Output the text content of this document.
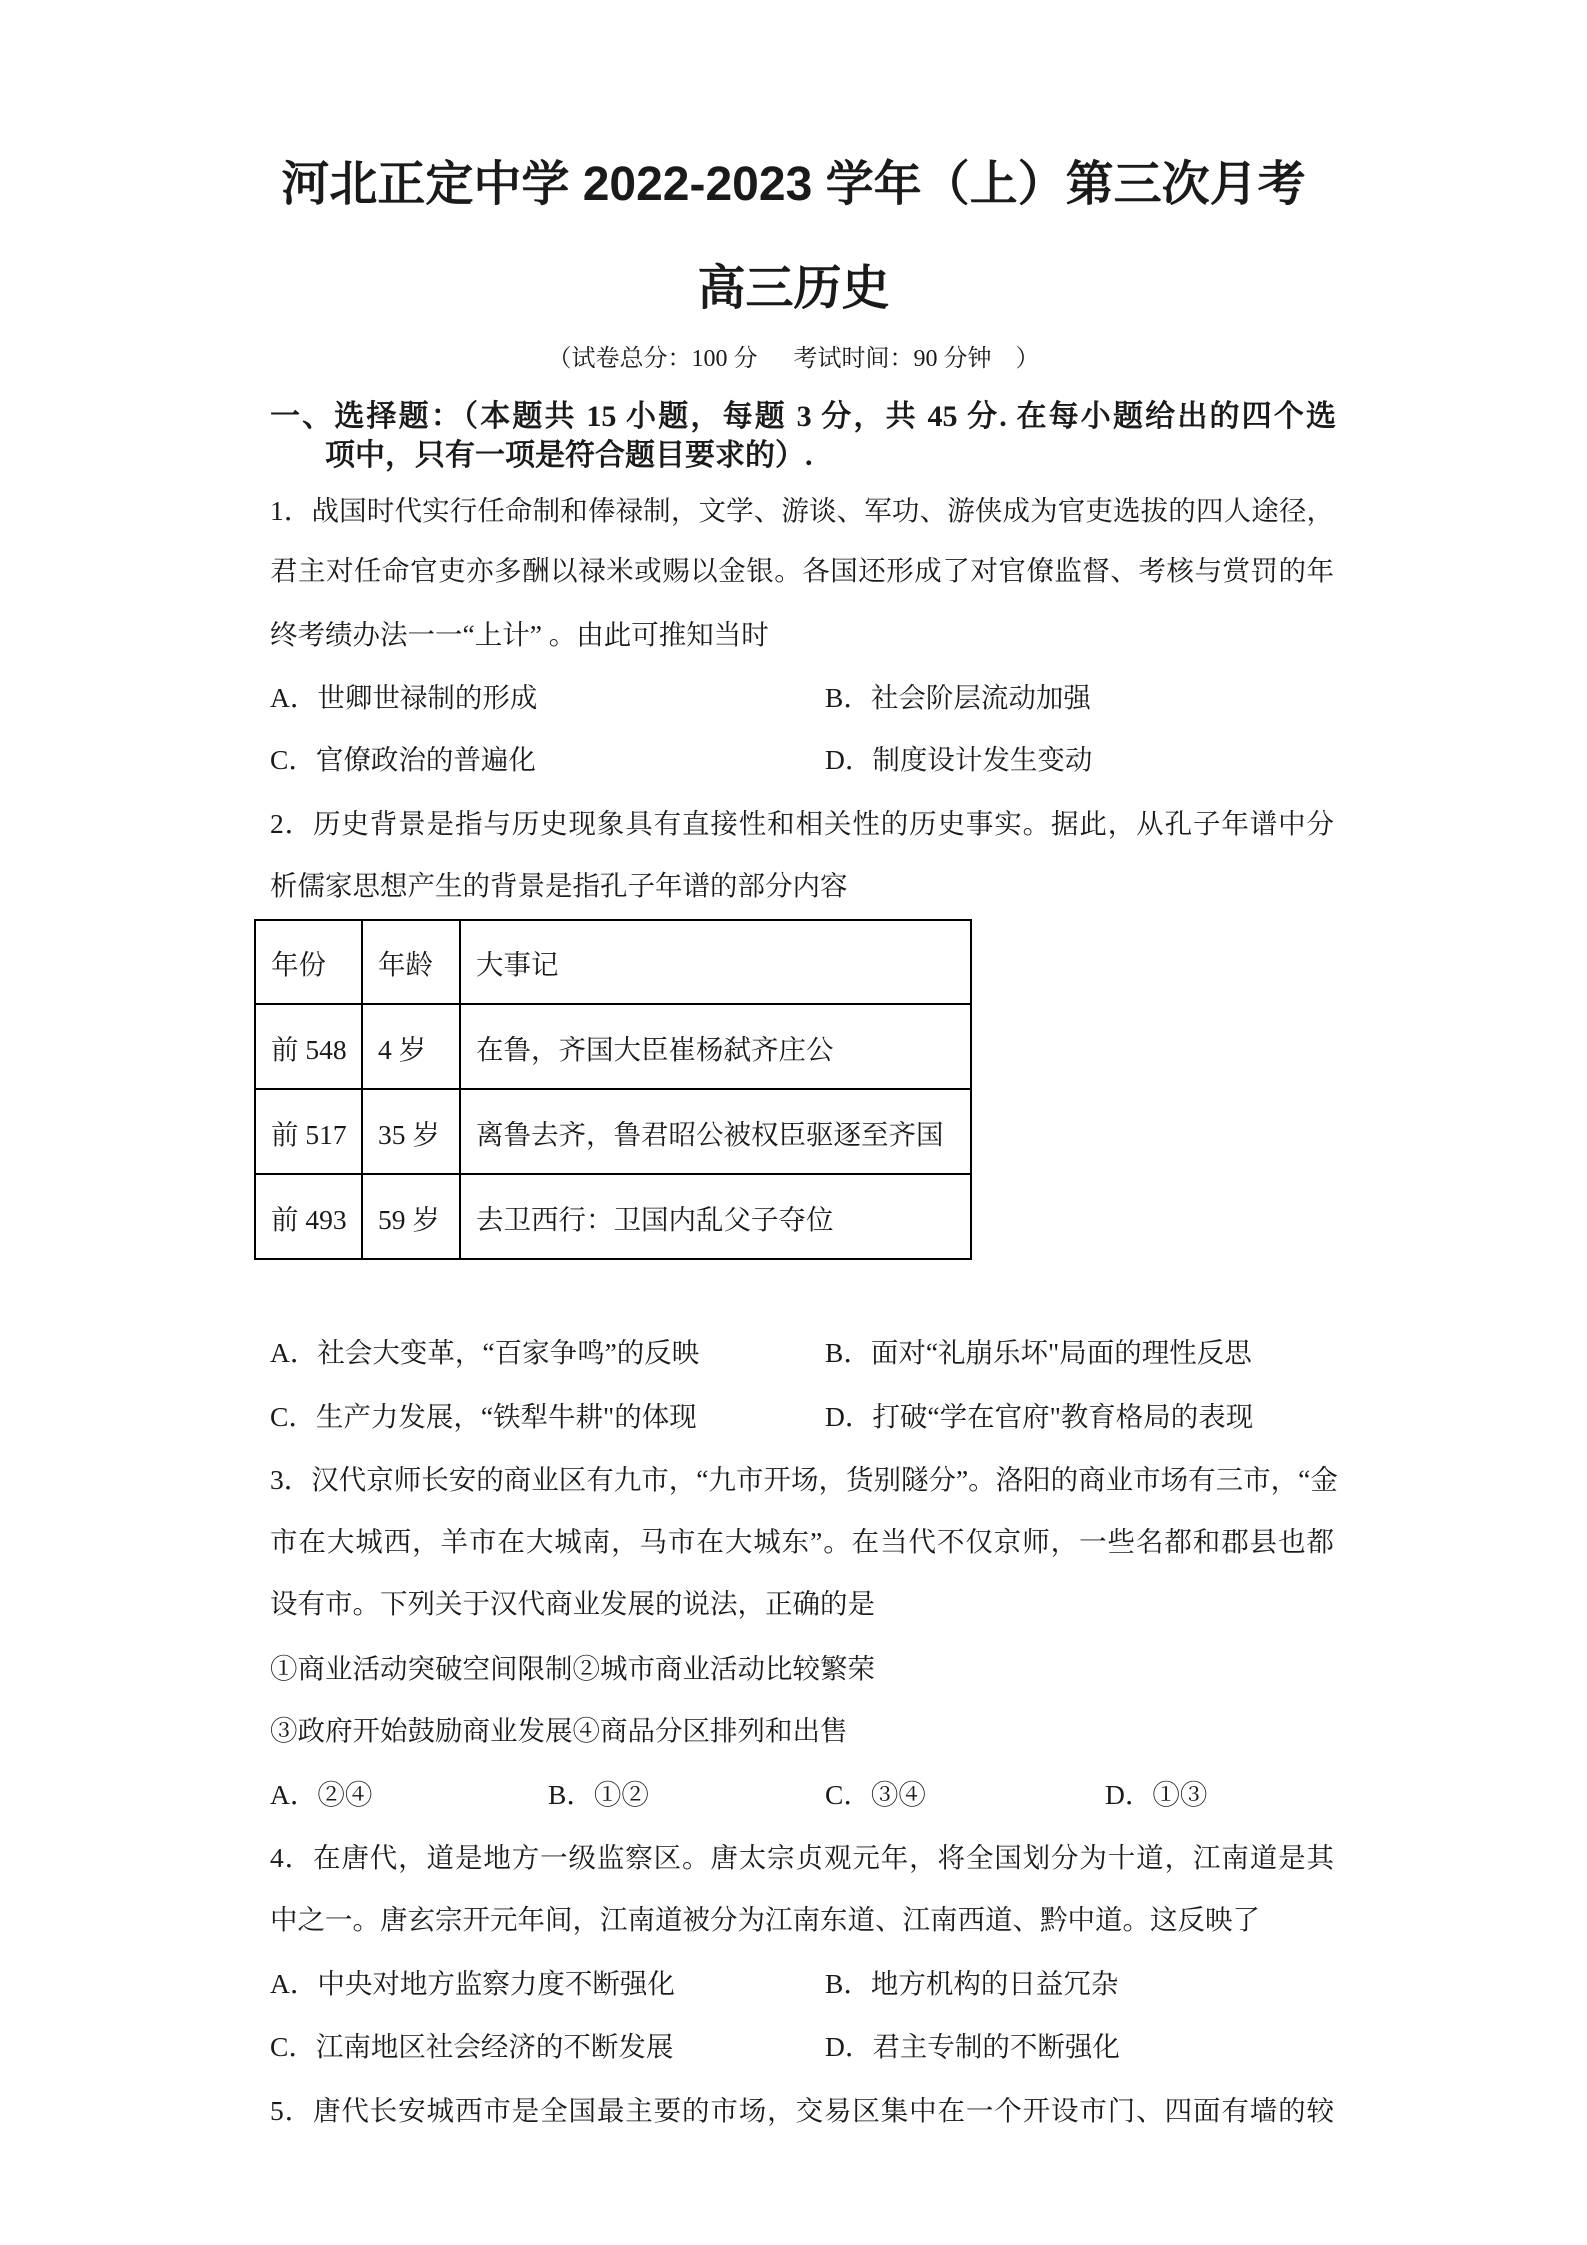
河北正定中学 2022-2023 学年（上）第三次月考
高三历史
（试卷总分：100 分      考试时间：90 分钟    ）
一、选择题：（本题共 15 小题，每题 3 分，共 45 分. 在每小题给出的四个选
项中，只有一项是符合题目要求的）.
1．战国时代实行任命制和俸禄制，文学、游谈、军功、游侠成为官吏选拔的四人途径，
君主对任命官吏亦多酬以禄米或赐以金银。各国还形成了对官僚监督、考核与赏罚的年
终考绩办法一一“上计” 。由此可推知当时
A．世卿世禄制的形成	B．社会阶层流动加强
C．官僚政治的普遍化	D．制度设计发生变动
2．历史背景是指与历史现象具有直接性和相关性的历史事实。据此，从孔子年谱中分
析儒家思想产生的背景是指孔子年谱的部分内容
年份	年龄	大事记
前 548	4 岁	在鲁，齐国大臣崔杨弑齐庄公
前 517	35 岁	离鲁去齐，鲁君昭公被权臣驱逐至齐国
前 493	59 岁	去卫西行：卫国内乱父子夺位
A．社会大变革，“百家争鸣”的反映	B．面对“礼崩乐坏"局面的理性反思
C．生产力发展，“铁犁牛耕"的体现	D．打破“学在官府"教育格局的表现
3．汉代京师长安的商业区有九市，“九市开场，货别隧分”。洛阳的商业市场有三市，“金
市在大城西，羊市在大城南，马市在大城东”。在当代不仅京师，一些名都和郡县也都
设有市。下列关于汉代商业发展的说法，正确的是
①商业活动突破空间限制②城市商业活动比较繁荣
③政府开始鼓励商业发展④商品分区排列和出售
A．②④	B．①②	C．③④	D．①③
4．在唐代，道是地方一级监察区。唐太宗贞观元年，将全国划分为十道，江南道是其
中之一。唐玄宗开元年间，江南道被分为江南东道、江南西道、黔中道。这反映了
A．中央对地方监察力度不断强化	B．地方机构的日益冗杂
C．江南地区社会经济的不断发展	D．君主专制的不断强化
5．唐代长安城西市是全国最主要的市场，交易区集中在一个开设市门、四面有墙的较
